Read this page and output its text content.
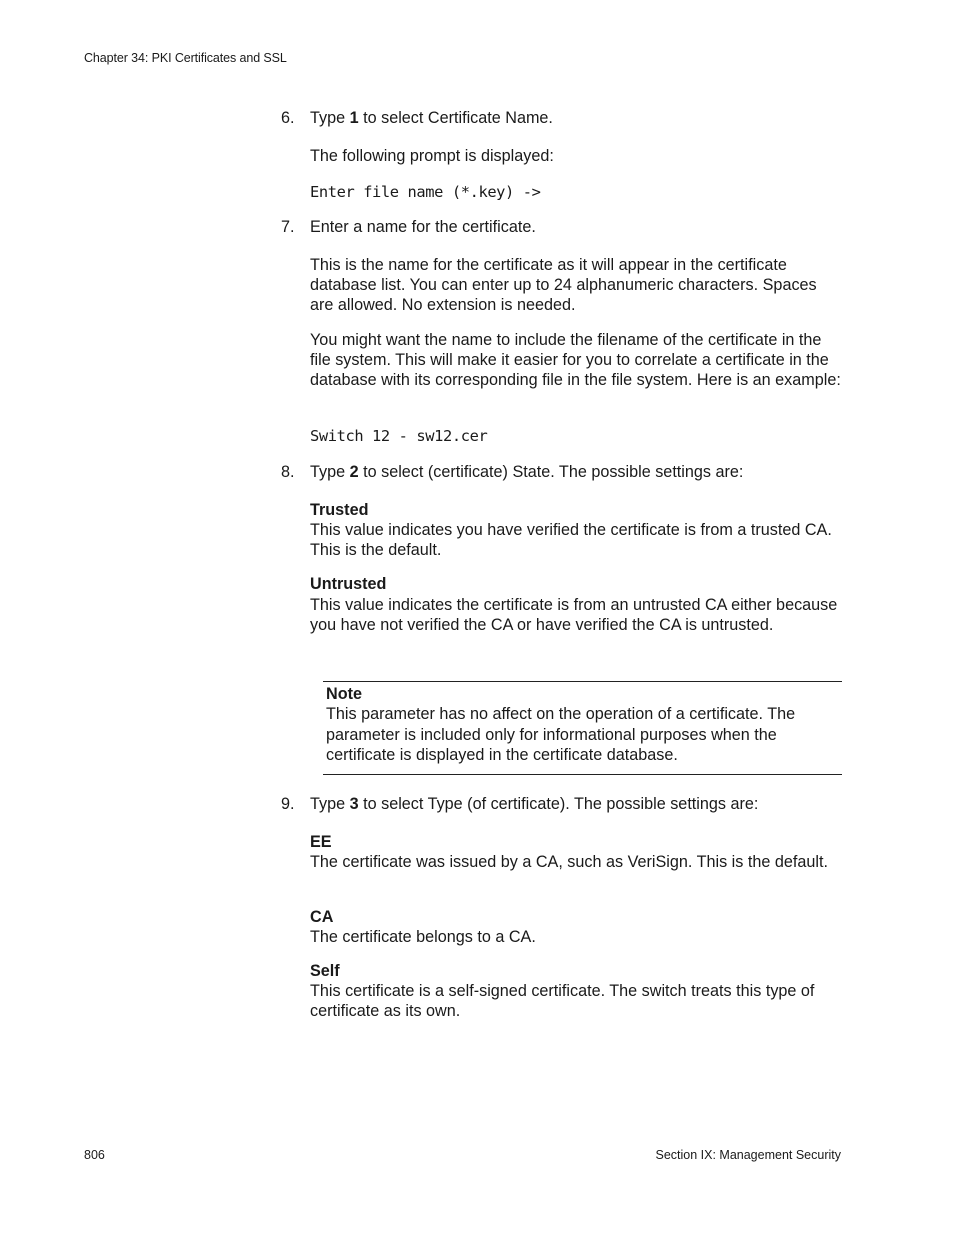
Chapter 34: PKI Certificates and SSL
6. Type 1 to select Certificate Name.
The following prompt is displayed:
Enter file name (*.key) ->
7. Enter a name for the certificate.
This is the name for the certificate as it will appear in the certificate database list. You can enter up to 24 alphanumeric characters. Spaces are allowed. No extension is needed.
You might want the name to include the filename of the certificate in the file system. This will make it easier for you to correlate a certificate in the database with its corresponding file in the file system. Here is an example:
Switch 12 - sw12.cer
8. Type 2 to select (certificate) State. The possible settings are:
Trusted
This value indicates you have verified the certificate is from a trusted CA. This is the default.
Untrusted
This value indicates the certificate is from an untrusted CA either because you have not verified the CA or have verified the CA is untrusted.
Note
This parameter has no affect on the operation of a certificate. The parameter is included only for informational purposes when the certificate is displayed in the certificate database.
9. Type 3 to select Type (of certificate). The possible settings are:
EE
The certificate was issued by a CA, such as VeriSign. This is the default.
CA
The certificate belongs to a CA.
Self
This certificate is a self-signed certificate. The switch treats this type of certificate as its own.
806	Section IX: Management Security
